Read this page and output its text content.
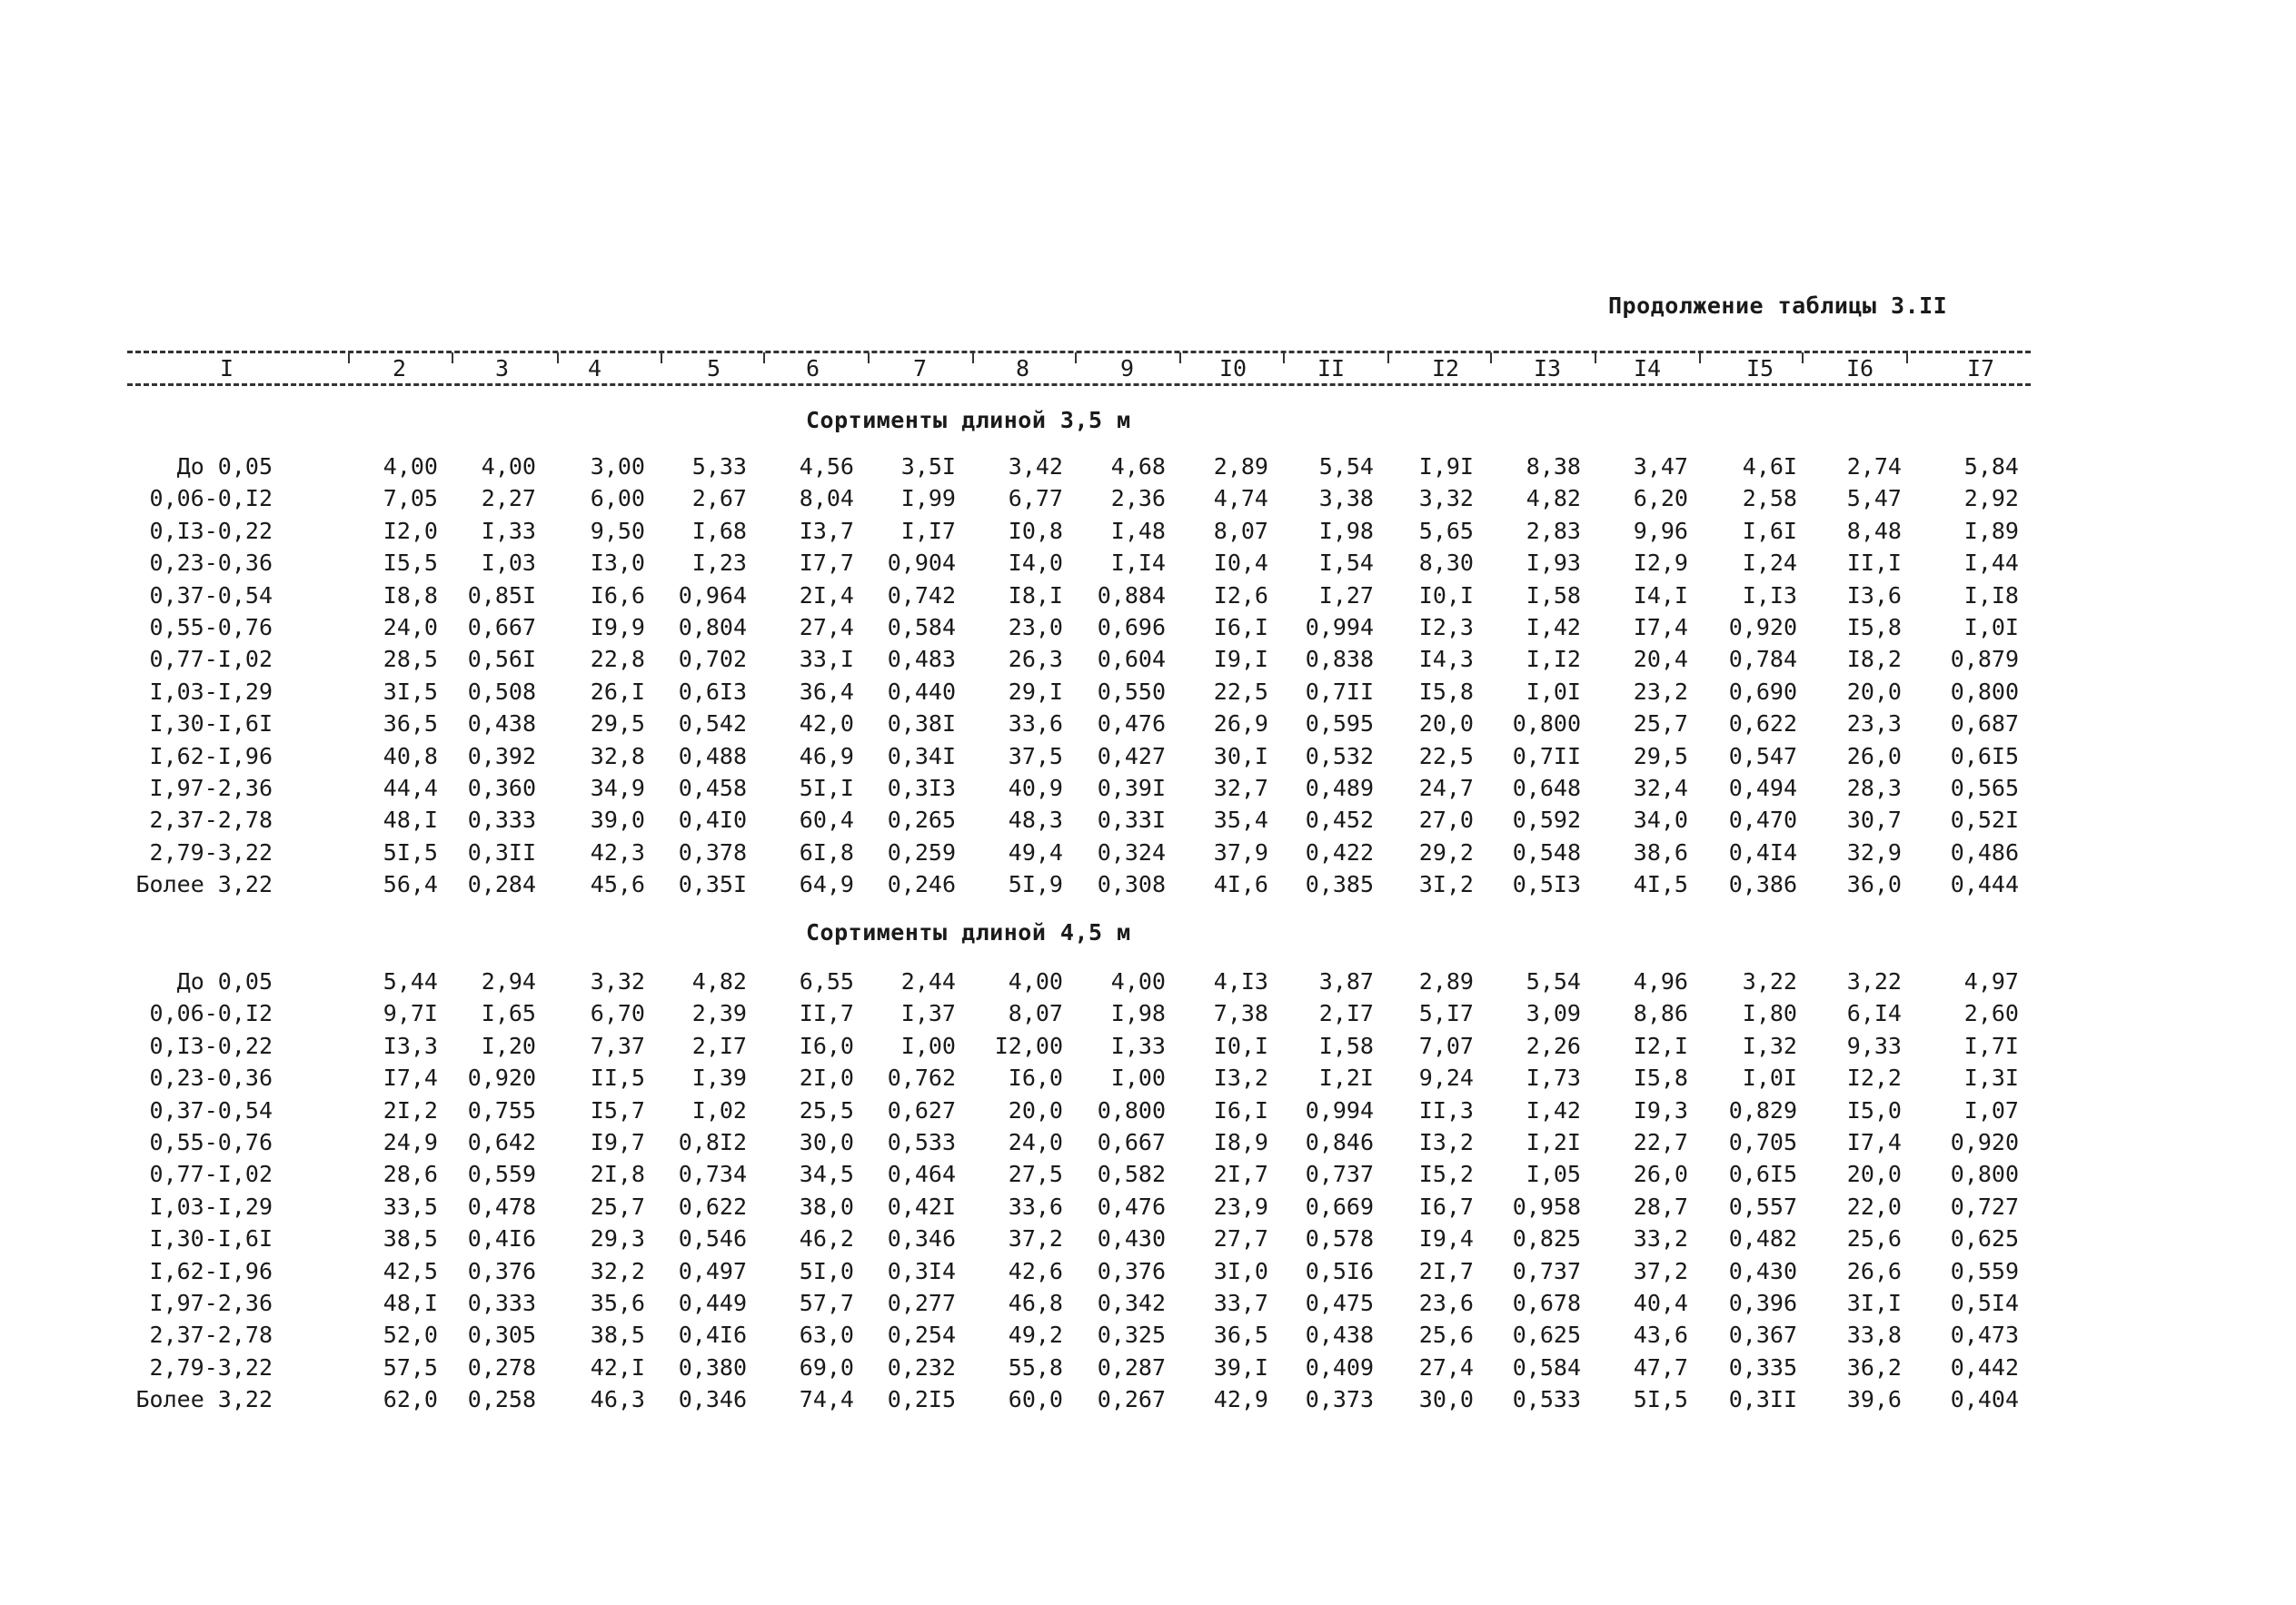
Продолжение таблицы 3.II
I	2	3	4	5	6	7	8	9	I0	II	I2	I3	I4	I5	I6	I7
Сортименты длиной 3,5 м
До 0,05	4,00	4,00	3,00	5,33	4,56	3,5I	3,42	4,68	2,89	5,54	I,9I	8,38	3,47	4,6I	2,74	5,84
0,06-0,I2	7,05	2,27	6,00	2,67	8,04	I,99	6,77	2,36	4,74	3,38	3,32	4,82	6,20	2,58	5,47	2,92
0,I3-0,22	I2,0	I,33	9,50	I,68	I3,7	I,I7	I0,8	I,48	8,07	I,98	5,65	2,83	9,96	I,6I	8,48	I,89
0,23-0,36	I5,5	I,03	I3,0	I,23	I7,7	0,904	I4,0	I,I4	I0,4	I,54	8,30	I,93	I2,9	I,24	II,I	I,44
0,37-0,54	I8,8	0,85I	I6,6	0,964	2I,4	0,742	I8,I	0,884	I2,6	I,27	I0,I	I,58	I4,I	I,I3	I3,6	I,I8
0,55-0,76	24,0	0,667	I9,9	0,804	27,4	0,584	23,0	0,696	I6,I	0,994	I2,3	I,42	I7,4	0,920	I5,8	I,0I
0,77-I,02	28,5	0,56I	22,8	0,702	33,I	0,483	26,3	0,604	I9,I	0,838	I4,3	I,I2	20,4	0,784	I8,2	0,879
I,03-I,29	3I,5	0,508	26,I	0,6I3	36,4	0,440	29,I	0,550	22,5	0,7II	I5,8	I,0I	23,2	0,690	20,0	0,800
I,30-I,6I	36,5	0,438	29,5	0,542	42,0	0,38I	33,6	0,476	26,9	0,595	20,0	0,800	25,7	0,622	23,3	0,687
I,62-I,96	40,8	0,392	32,8	0,488	46,9	0,34I	37,5	0,427	30,I	0,532	22,5	0,7II	29,5	0,547	26,0	0,6I5
I,97-2,36	44,4	0,360	34,9	0,458	5I,I	0,3I3	40,9	0,39I	32,7	0,489	24,7	0,648	32,4	0,494	28,3	0,565
2,37-2,78	48,I	0,333	39,0	0,4I0	60,4	0,265	48,3	0,33I	35,4	0,452	27,0	0,592	34,0	0,470	30,7	0,52I
2,79-3,22	5I,5	0,3II	42,3	0,378	6I,8	0,259	49,4	0,324	37,9	0,422	29,2	0,548	38,6	0,4I4	32,9	0,486
Более 3,22	56,4	0,284	45,6	0,35I	64,9	0,246	5I,9	0,308	4I,6	0,385	3I,2	0,5I3	4I,5	0,386	36,0	0,444
Сортименты длиной 4,5 м
До 0,05	5,44	2,94	3,32	4,82	6,55	2,44	4,00	4,00	4,I3	3,87	2,89	5,54	4,96	3,22	3,22	4,97
0,06-0,I2	9,7I	I,65	6,70	2,39	II,7	I,37	8,07	I,98	7,38	2,I7	5,I7	3,09	8,86	I,80	6,I4	2,60
0,I3-0,22	I3,3	I,20	7,37	2,I7	I6,0	I,00	I2,00	I,33	I0,I	I,58	7,07	2,26	I2,I	I,32	9,33	I,7I
0,23-0,36	I7,4	0,920	II,5	I,39	2I,0	0,762	I6,0	I,00	I3,2	I,2I	9,24	I,73	I5,8	I,0I	I2,2	I,3I
0,37-0,54	2I,2	0,755	I5,7	I,02	25,5	0,627	20,0	0,800	I6,I	0,994	II,3	I,42	I9,3	0,829	I5,0	I,07
0,55-0,76	24,9	0,642	I9,7	0,8I2	30,0	0,533	24,0	0,667	I8,9	0,846	I3,2	I,2I	22,7	0,705	I7,4	0,920
0,77-I,02	28,6	0,559	2I,8	0,734	34,5	0,464	27,5	0,582	2I,7	0,737	I5,2	I,05	26,0	0,6I5	20,0	0,800
I,03-I,29	33,5	0,478	25,7	0,622	38,0	0,42I	33,6	0,476	23,9	0,669	I6,7	0,958	28,7	0,557	22,0	0,727
I,30-I,6I	38,5	0,4I6	29,3	0,546	46,2	0,346	37,2	0,430	27,7	0,578	I9,4	0,825	33,2	0,482	25,6	0,625
I,62-I,96	42,5	0,376	32,2	0,497	5I,0	0,3I4	42,6	0,376	3I,0	0,5I6	2I,7	0,737	37,2	0,430	26,6	0,559
I,97-2,36	48,I	0,333	35,6	0,449	57,7	0,277	46,8	0,342	33,7	0,475	23,6	0,678	40,4	0,396	3I,I	0,5I4
2,37-2,78	52,0	0,305	38,5	0,4I6	63,0	0,254	49,2	0,325	36,5	0,438	25,6	0,625	43,6	0,367	33,8	0,473
2,79-3,22	57,5	0,278	42,I	0,380	69,0	0,232	55,8	0,287	39,I	0,409	27,4	0,584	47,7	0,335	36,2	0,442
Более 3,22	62,0	0,258	46,3	0,346	74,4	0,2I5	60,0	0,267	42,9	0,373	30,0	0,533	5I,5	0,3II	39,6	0,404
